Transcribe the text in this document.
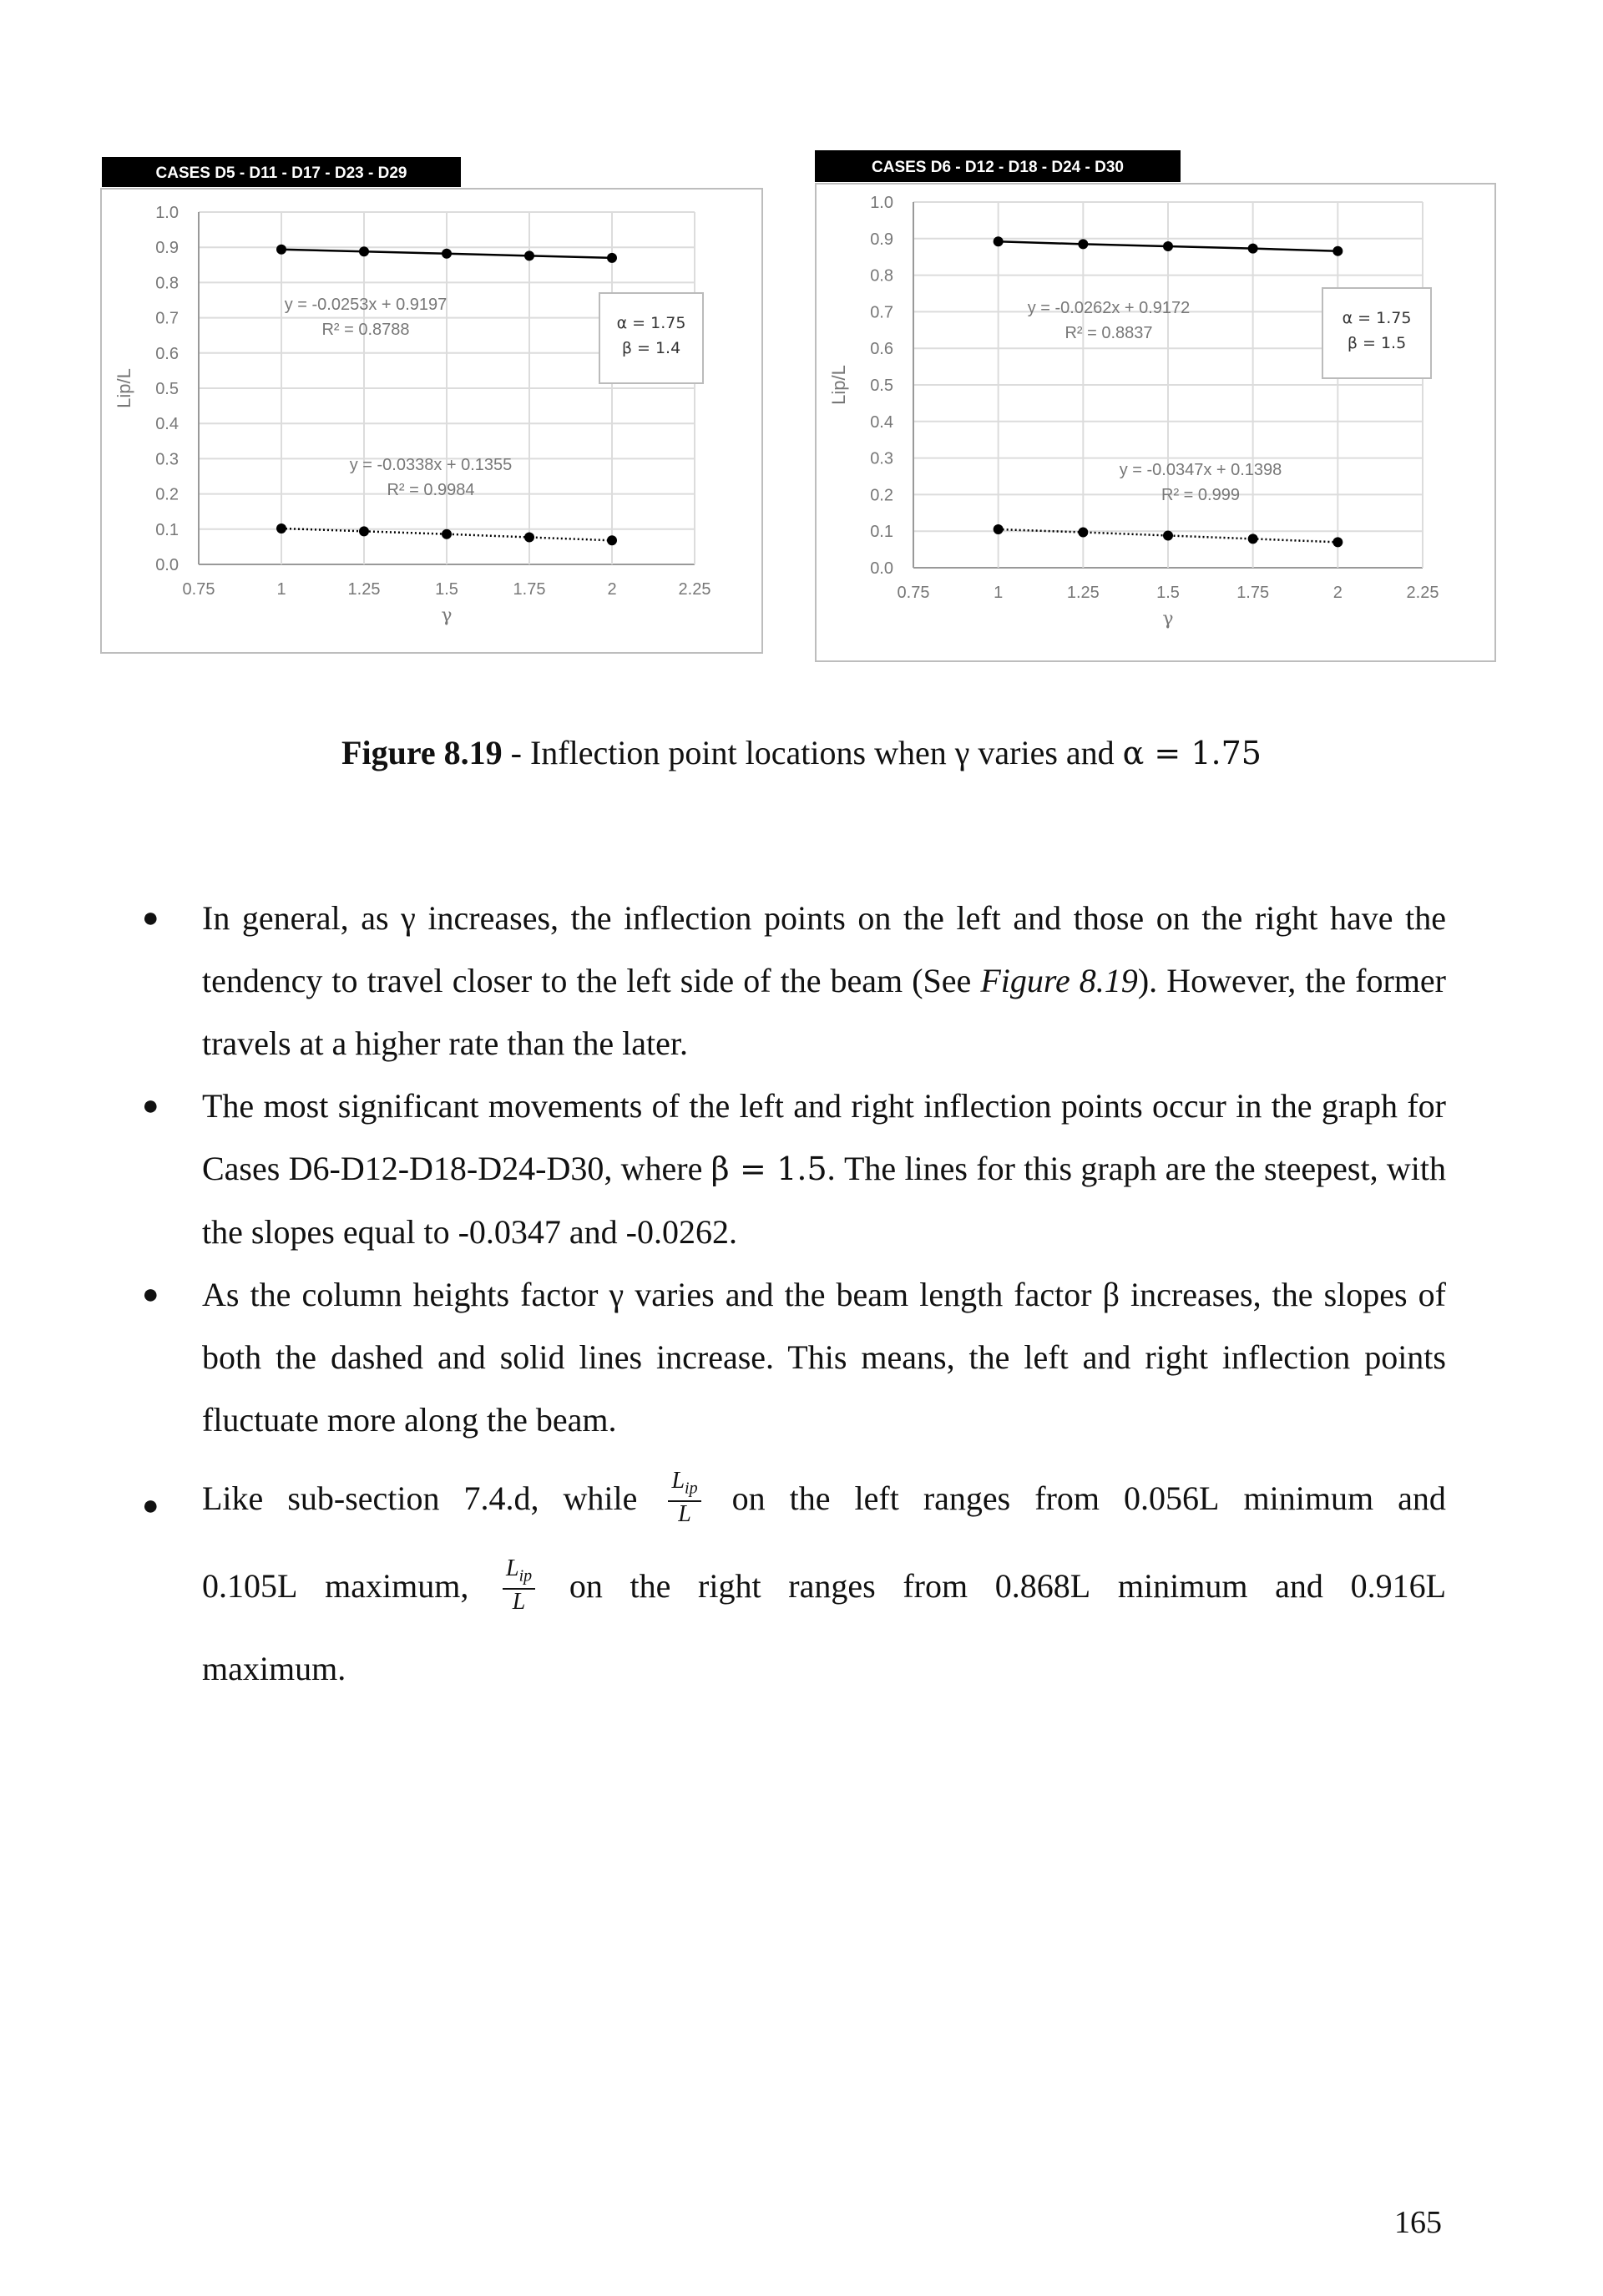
CASES D5 - D11 - D17 - D23 - D29
0.0
0.1
0.2
0.3
0.4
0.5
0.6
0.7
0.8
0.9
1.0
0.75	1	1.25	1.5	1.75	2	2.25
γ
Lip/L
y = -0.0253x + 0.9197
R² = 0.8788
y = -0.0338x + 0.1355
R² = 0.9984
α = 1.75
β = 1.4
CASES D6 - D12 - D18 - D24 - D30
0.0
0.1
0.2
0.3
0.4
0.5
0.6
0.7
0.8
0.9
1.0
0.75	1	1.25	1.5	1.75	2	2.25
γ
Lip/L
y = -0.0262x + 0.9172
R² = 0.8837
y = -0.0347x + 0.1398
R² = 0.999
α = 1.75
β = 1.5
Figure 8.19 - Inflection point locations when γ varies and α = 1.75
● In general, as γ increases, the inflection points on the left and those on the right have the tendency to travel closer to the left side of the beam (See Figure 8.19). However, the former travels at a higher rate than the later.
● The most significant movements of the left and right inflection points occur in the graph for Cases D6-D12-D18-D24-D30, where β = 1.5. The lines for this graph are the steepest, with the slopes equal to -0.0347 and -0.0262.
● As the column heights factor γ varies and the beam length factor β increases, the slopes of both the dashed and solid lines increase. This means, the left and right inflection points fluctuate more along the beam.
● Like sub-section 7.4.d, while $\frac{L_{ip}}{L}$ on the left ranges from 0.056L minimum and
0.105L maximum, $\frac{L_{ip}}{L}$ on the right ranges from 0.868L minimum and 0.916L
maximum.
165
